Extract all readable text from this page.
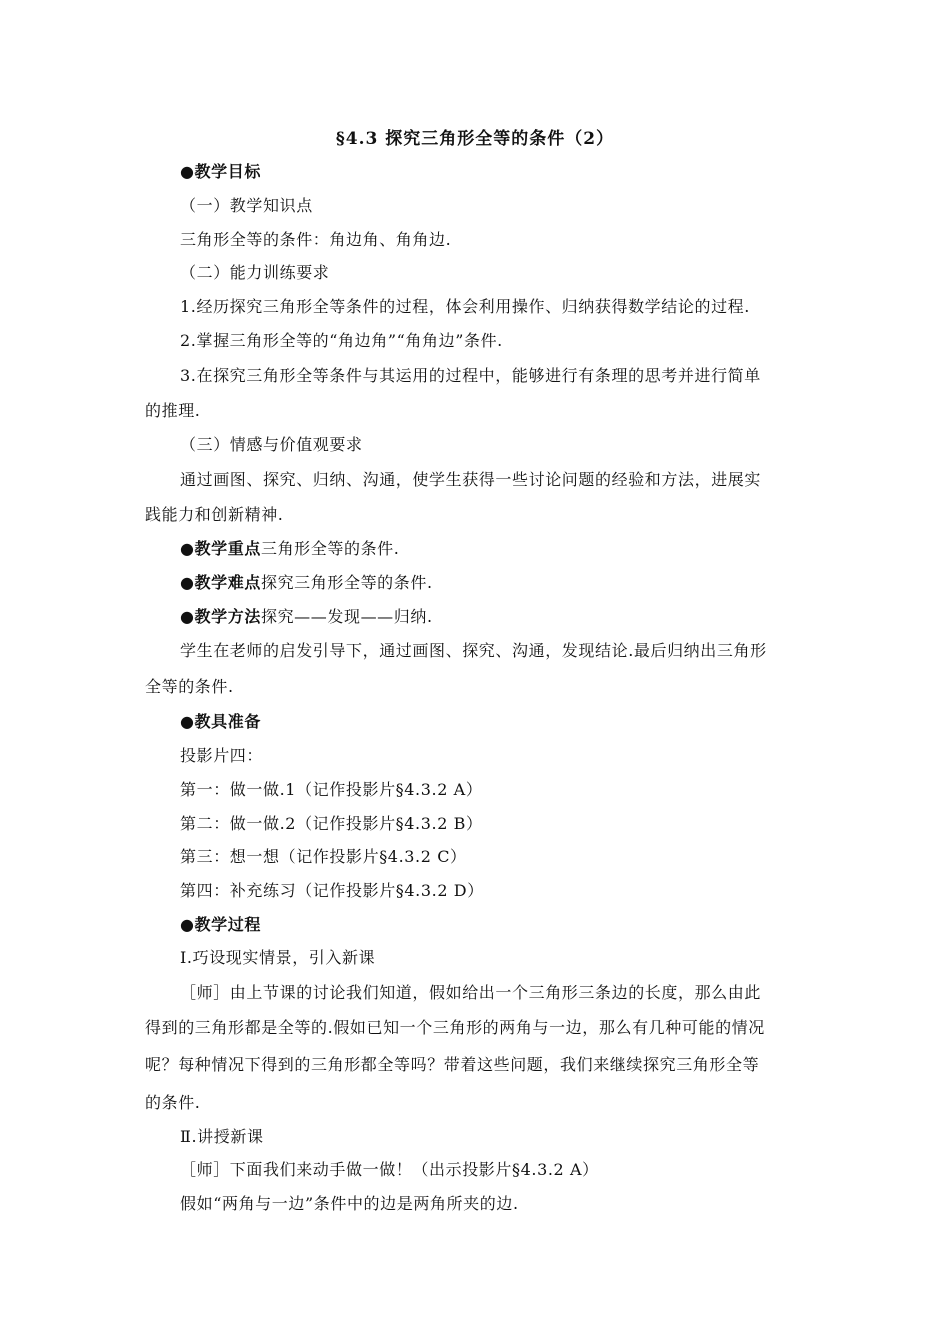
§4.3 探究三角形全等的条件（2）
●教学目标
（一）教学知识点
三角形全等的条件：角边角、角角边.
（二）能力训练要求
1.经历探究三角形全等条件的过程，体会利用操作、归纳获得数学结论的过程.
2.掌握三角形全等的“角边角”“角角边”条件.
3.在探究三角形全等条件与其运用的过程中，能够进行有条理的思考并进行简单
的推理.
（三）情感与价值观要求
通过画图、探究、归纳、沟通，使学生获得一些讨论问题的经验和方法，进展实
践能力和创新精神.
●教学重点三角形全等的条件.
●教学难点探究三角形全等的条件.
●教学方法探究——发现——归纳.
学生在老师的启发引导下，通过画图、探究、沟通，发现结论.最后归纳出三角形
全等的条件.
●教具准备
投影片四：
第一：做一做.1（记作投影片§4.3.2 A）
第二：做一做.2（记作投影片§4.3.2 B）
第三：想一想（记作投影片§4.3.2 C）
第四：补充练习（记作投影片§4.3.2 D）
●教学过程
Ⅰ.巧设现实情景，引入新课
［师］由上节课的讨论我们知道，假如给出一个三角形三条边的长度，那么由此
得到的三角形都是全等的.假如已知一个三角形的两角与一边，那么有几种可能的情况
呢？每种情况下得到的三角形都全等吗？带着这些问题，我们来继续探究三角形全等
的条件.
Ⅱ.讲授新课
［师］下面我们来动手做一做！（出示投影片§4.3.2 A）
假如“两角与一边”条件中的边是两角所夹的边.
